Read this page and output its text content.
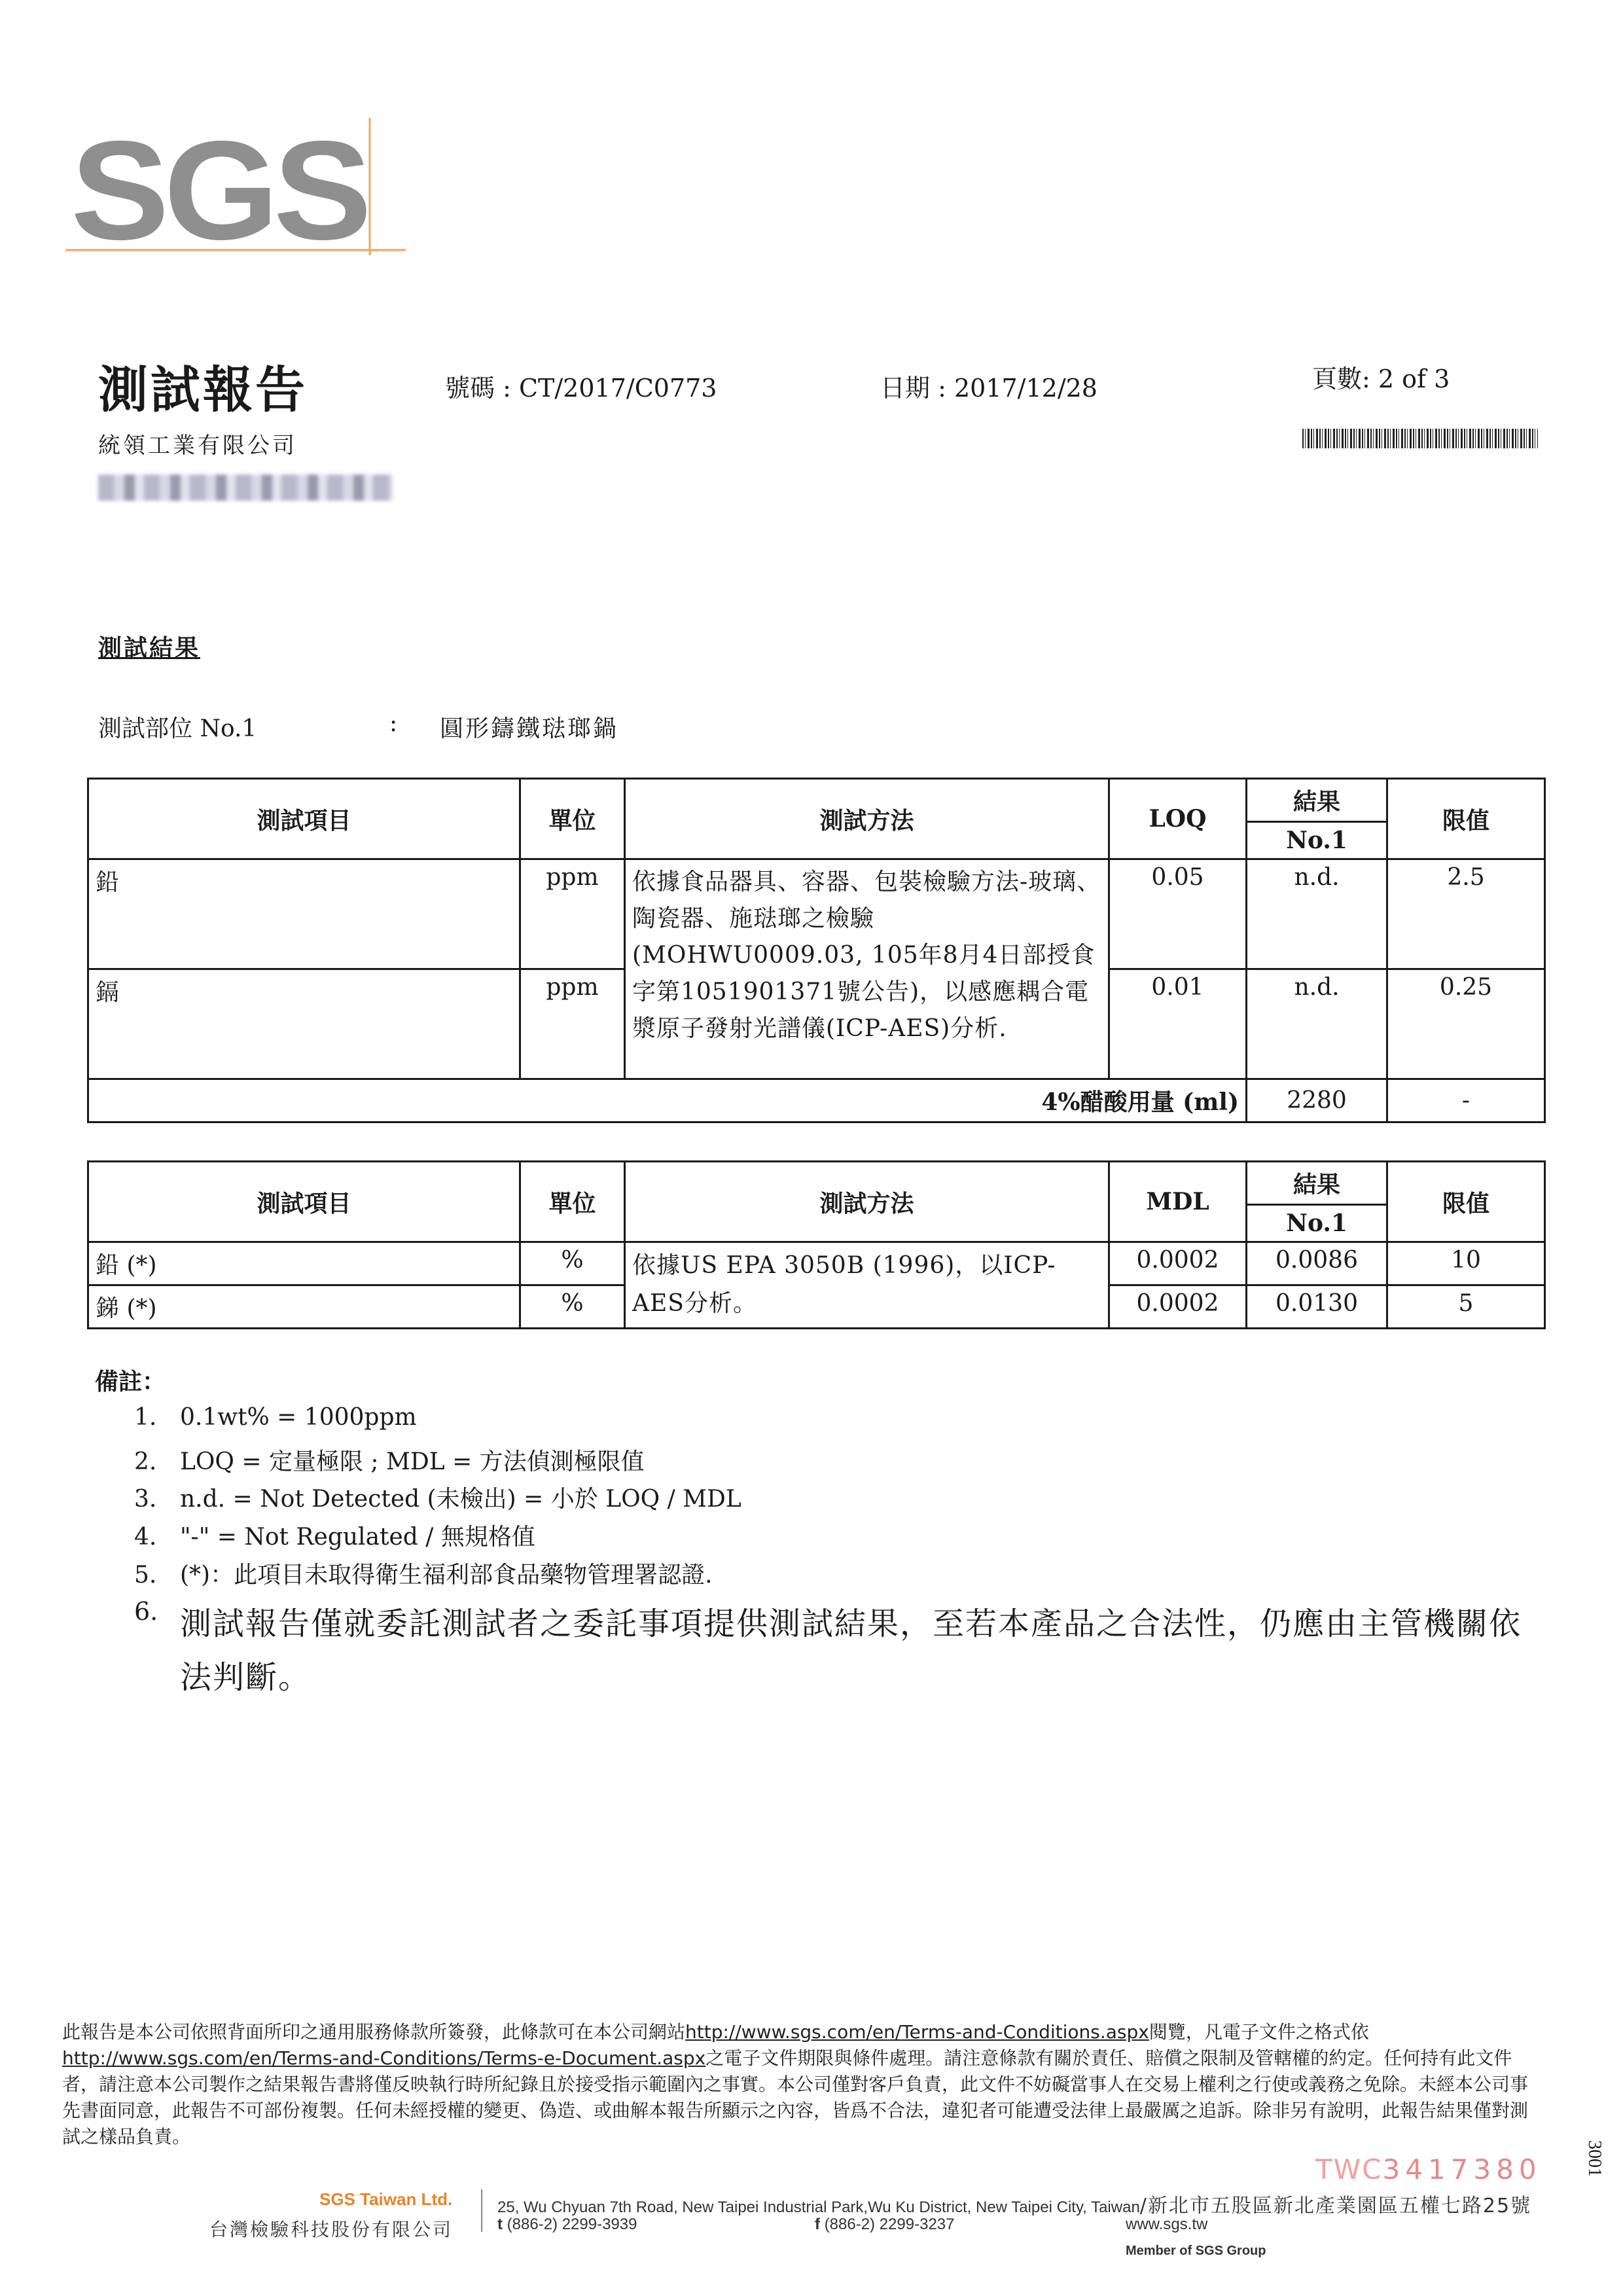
SGS
測試報告	號碼 : CT/2017/C0773	日期 : 2017/12/28	頁數: 2 of 3
統領工業有限公司
測試結果
測試部位 No.1	: 圓形鑄鐵琺瑯鍋
測試項目	單位	測試方法	LOQ	結果	限值
				No.1	
鉛	ppm	依據食品器具、容器、包裝檢驗方法-玻璃、陶瓷器、施琺瑯之檢驗(MOHWU0009.03, 105年8月4日部授食字第1051901371號公告)，以感應耦合電漿原子發射光譜儀(ICP-AES)分析.	0.05	n.d.	2.5
鎘	ppm		0.01	n.d.	0.25
4%醋酸用量 (ml)				2280	-
測試項目	單位	測試方法	MDL	結果	限值
				No.1	
鉛 (*)	%	依據US EPA 3050B (1996)，以ICP-AES分析。	0.0002	0.0086	10
銻 (*)	%		0.0002	0.0130	5
備註：
1. 0.1wt% = 1000ppm
2. LOQ = 定量極限 ; MDL = 方法偵測極限值
3. n.d. = Not Detected (未檢出) = 小於 LOQ / MDL
4. "-" = Not Regulated / 無規格值
5. (*)：此項目未取得衛生福利部食品藥物管理署認證.
6. 測試報告僅就委託測試者之委託事項提供測試結果，至若本產品之合法性，仍應由主管機關依法判斷。
此報告是本公司依照背面所印之通用服務條款所簽發，此條款可在本公司網站http://www.sgs.com/en/Terms-and-Conditions.aspx閱覽，凡電子文件之格式依http://www.sgs.com/en/Terms-and-Conditions/Terms-e-Document.aspx之電子文件期限與條件處理。請注意條款有關於責任、賠償之限制及管轄權的約定。任何持有此文件者，請注意本公司製作之結果報告書將僅反映執行時所紀錄且於接受指示範圍內之事實。本公司僅對客戶負責，此文件不妨礙當事人在交易上權利之行使或義務之免除。未經本公司事先書面同意，此報告不可部份複製。任何未經授權的變更、偽造、或曲解本報告所顯示之內容，皆爲不合法，違犯者可能遭受法律上最嚴厲之追訴。除非另有說明，此報告結果僅對測試之樣品負責。
TWC3417380 3001
SGS Taiwan Ltd.
台灣檢驗科技股份有限公司
25, Wu Chyuan 7th Road, New Taipei Industrial Park,Wu Ku District, New Taipei City, Taiwan/新北市五股區新北產業園區五權七路25號
t (886-2) 2299-3939	f (886-2) 2299-3237	www.sgs.tw
Member of SGS Group
